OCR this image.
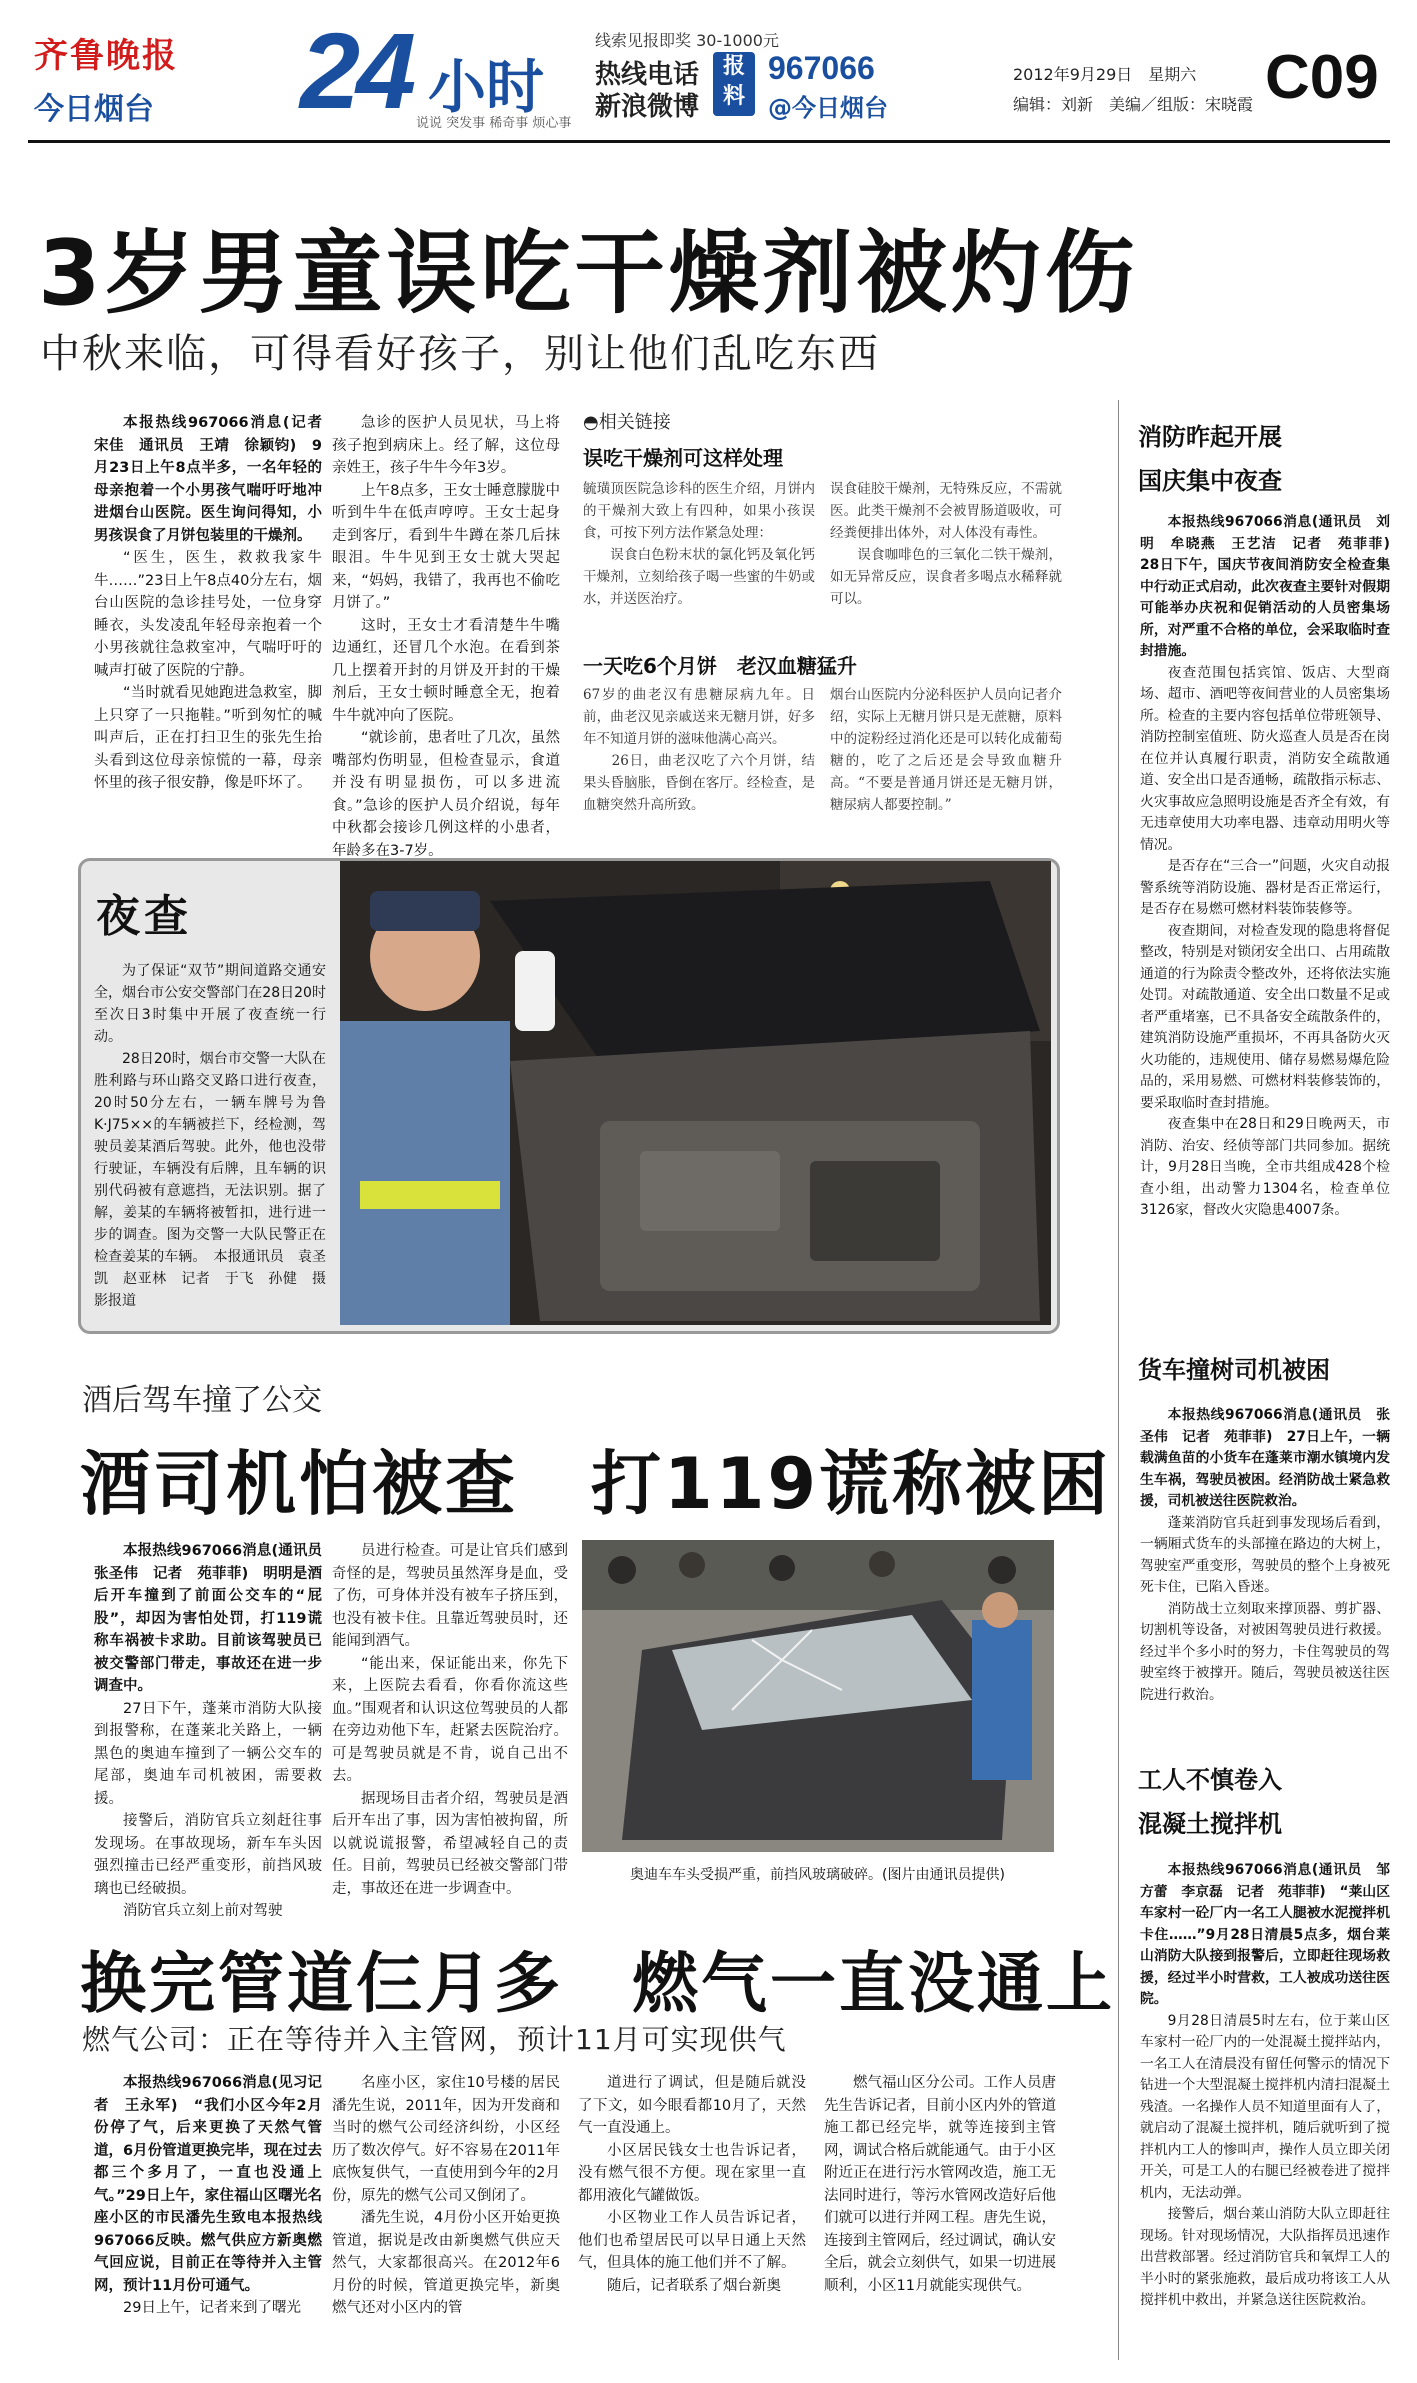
齐鲁晚报
今日烟台 24 小时
说说 突发事 稀奇事 烦心事
线索见报即奖 30-1000元
热线电话
新浪微博
报料
967066
@今日烟台
2012年9月29日　星期六
编辑：刘新　美编／组版：宋晓霞 C09
3岁男童误吃干燥剂被灼伤
中秋来临，可得看好孩子，别让他们乱吃东西

本报热线967066消息(记者　宋佳　通讯员　王靖　徐颖钧)　9月23日上午8点半多，一名年轻的母亲抱着一个小男孩气喘吁吁地冲进烟台山医院。医生询问得知，小男孩误食了月饼包装里的干燥剂。

“医生，医生，救救我家牛牛……”23日上午8点40分左右，烟台山医院的急诊挂号处，一位身穿睡衣，头发凌乱年轻母亲抱着一个小男孩就往急救室冲，气喘吁吁的喊声打破了医院的宁静。

“当时就看见她跑进急救室，脚上只穿了一只拖鞋。”听到匆忙的喊叫声后，正在打扫卫生的张先生抬头看到这位母亲惊慌的一幕，母亲怀里的孩子很安静，像是吓坏了。

急诊的医护人员见状，马上将孩子抱到病床上。经了解，这位母亲姓王，孩子牛牛今年3岁。

上午8点多，王女士睡意朦胧中听到牛牛在低声哼哼。王女士起身走到客厅，看到牛牛蹲在茶几后抹眼泪。牛牛见到王女士就大哭起来，“妈妈，我错了，我再也不偷吃月饼了。”

这时，王女士才看清楚牛牛嘴边通红，还冒几个水泡。在看到茶几上摆着开封的月饼及开封的干燥剂后，王女士顿时睡意全无，抱着牛牛就冲向了医院。

“就诊前，患者吐了几次，虽然嘴部灼伤明显，但检查显示，食道并没有明显损伤，可以多进流食。”急诊的医护人员介绍说，每年中秋都会接诊几例这样的小患者，年龄多在3-7岁。

◓相关链接
误吃干燥剂可这样处理
毓璜顶医院急诊科的医生介绍，月饼内的干燥剂大致上有四种，如果小孩误食，可按下列方法作紧急处理：
　　误食白色粉末状的氯化钙及氧化钙干燥剂，立刻给孩子喝一些蜜的牛奶或水，并送医治疗。
误食硅胶干燥剂，无特殊反应，不需就医。此类干燥剂不会被胃肠道吸收，可经粪便排出体外，对人体没有毒性。
　　误食咖啡色的三氧化二铁干燥剂，如无异常反应，误食者多喝点水稀释就可以。
一天吃6个月饼　老汉血糖猛升
67岁的曲老汉有患糖尿病九年。日前，曲老汉见亲戚送来无糖月饼，好多年不知道月饼的滋味他满心高兴。
　　26日，曲老汉吃了六个月饼，结果头昏脑胀，昏倒在客厅。经检查，是血糖突然升高所致。
烟台山医院内分泌科医护人员向记者介绍，实际上无糖月饼只是无蔗糖，原料中的淀粉经过消化还是可以转化成葡萄糖的，吃了之后还是会导致血糖升高。“不要是普通月饼还是无糖月饼，糖尿病人都要控制。”
消防昨起开展
国庆集中夜查

本报热线967066消息(通讯员　刘明　牟晓燕　王艺洁　记者　苑菲菲)　28日下午，国庆节夜间消防安全检查集中行动正式启动，此次夜查主要针对假期可能举办庆祝和促销活动的人员密集场所，对严重不合格的单位，会采取临时查封措施。

夜查范围包括宾馆、饭店、大型商场、超市、酒吧等夜间营业的人员密集场所。检查的主要内容包括单位带班领导、消防控制室值班、防火巡查人员是否在岗在位并认真履行职责，消防安全疏散通道、安全出口是否通畅，疏散指示标志、火灾事故应急照明设施是否齐全有效，有无违章使用大功率电器、违章动用明火等情况。

是否存在“三合一”问题，火灾自动报警系统等消防设施、器材是否正常运行，是否存在易燃可燃材料装饰装修等。

夜查期间，对检查发现的隐患将督促整改，特别是对锁闭安全出口、占用疏散通道的行为除责令整改外，还将依法实施处罚。对疏散通道、安全出口数量不足或者严重堵塞，已不具备安全疏散条件的，建筑消防设施严重损坏，不再具备防火灭火功能的，违规使用、储存易燃易爆危险品的，采用易燃、可燃材料装修装饰的，要采取临时查封措施。

夜查集中在28日和29日晚两天，市消防、治安、经侦等部门共同参加。据统计，9月28日当晚，全市共组成428个检查小组，出动警力1304名，检查单位3126家，督改火灾隐患4007条。

货车撞树司机被困

本报热线967066消息(通讯员　张圣伟　记者　苑菲菲)　27日上午，一辆载满鱼苗的小货车在蓬莱市潮水镇境内发生车祸，驾驶员被困。经消防战士紧急救援，司机被送往医院救治。

蓬莱消防官兵赶到事发现场后看到，一辆厢式货车的头部撞在路边的大树上，驾驶室严重变形，驾驶员的整个上身被死死卡住，已陷入昏迷。

消防战士立刻取来撑顶器、剪扩器、切割机等设备，对被困驾驶员进行救援。经过半个多小时的努力，卡住驾驶员的驾驶室终于被撑开。随后，驾驶员被送往医院进行救治。

工人不慎卷入
混凝土搅拌机

本报热线967066消息(通讯员　邹方蕾　李京磊　记者　苑菲菲)　“莱山区车家村一砼厂内一名工人腿被水泥搅拌机卡住……”9月28日清晨5点多，烟台莱山消防大队接到报警后，立即赶往现场救援，经过半小时营救，工人被成功送往医院。

9月28日清晨5时左右，位于莱山区车家村一砼厂内的一处混凝土搅拌站内，一名工人在清晨没有留任何警示的情况下钻进一个大型混凝土搅拌机内清扫混凝土残渣。一名操作人员不知道里面有人了，就启动了混凝土搅拌机，随后就听到了搅拌机内工人的惨叫声，操作人员立即关闭开关，可是工人的右腿已经被卷进了搅拌机内，无法动弹。

接警后，烟台莱山消防大队立即赶往现场。针对现场情况，大队指挥员迅速作出营救部署。经过消防官兵和氧焊工人的半小时的紧张施救，最后成功将该工人从搅拌机中救出，并紧急送往医院救治。

夜查

为了保证“双节”期间道路交通安全，烟台市公安交警部门在28日20时至次日3时集中开展了夜查统一行动。

28日20时，烟台市交警一大队在胜利路与环山路交叉路口进行夜查，20时50分左右，一辆车牌号为鲁K·J75××的车辆被拦下，经检测，驾驶员姜某酒后驾驶。此外，他也没带行驶证，车辆没有后牌，且车辆的识别代码被有意遮挡，无法识别。据了解，姜某的车辆将被暂扣，进行进一步的调查。图为交警一大队民警正在检查姜某的车辆。　本报通讯员　袁圣凯　赵亚林　记者　于飞　孙健　摄影报道

酒后驾车撞了公交
酒司机怕被查　打119谎称被困

本报热线967066消息(通讯员　张圣伟　记者　苑菲菲)　明明是酒后开车撞到了前面公交车的“屁股”，却因为害怕处罚，打119谎称车祸被卡求助。目前该驾驶员已被交警部门带走，事故还在进一步调查中。

27日下午，蓬莱市消防大队接到报警称，在蓬莱北关路上，一辆黑色的奥迪车撞到了一辆公交车的尾部，奥迪车司机被困，需要救援。

接警后，消防官兵立刻赶往事发现场。在事故现场，新车车头因强烈撞击已经严重变形，前挡风玻璃也已经破损。

消防官兵立刻上前对驾驶

员进行检查。可是让官兵们感到奇怪的是，驾驶员虽然浑身是血，受了伤，可身体并没有被车子挤压到，也没有被卡住。且靠近驾驶员时，还能闻到酒气。

“能出来，保证能出来，你先下来，上医院去看看，你看你流这些血。”围观者和认识这位驾驶员的人都在旁边劝他下车，赶紧去医院治疗。可是驾驶员就是不肯，说自己出不去。

据现场目击者介绍，驾驶员是酒后开车出了事，因为害怕被拘留，所以就说谎报警，希望减轻自己的责任。目前，驾驶员已经被交警部门带走，事故还在进一步调查中。

奥迪车车头受损严重，前挡风玻璃破碎。(图片由通讯员提供)
换完管道仨月多　燃气一直没通上
燃气公司：正在等待并入主管网，预计11月可实现供气

本报热线967066消息(见习记者　王永军)　“我们小区今年2月份停了气，后来更换了天然气管道，6月份管道更换完毕，现在过去都三个多月了，一直也没通上气。”29日上午，家住福山区曙光名座小区的市民潘先生致电本报热线967066反映。燃气供应方新奥燃气回应说，目前正在等待并入主管网，预计11月份可通气。

29日上午，记者来到了曙光

名座小区，家住10号楼的居民潘先生说，2011年，因为开发商和当时的燃气公司经济纠纷，小区经历了数次停气。好不容易在2011年底恢复供气，一直使用到今年的2月份，原先的燃气公司又倒闭了。

潘先生说，4月份小区开始更换管道，据说是改由新奥燃气供应天然气，大家都很高兴。在2012年6月份的时候，管道更换完毕，新奥燃气还对小区内的管

道进行了调试，但是随后就没了下文，如今眼看都10月了，天然气一直没通上。

小区居民钱女士也告诉记者，没有燃气很不方便。现在家里一直都用液化气罐做饭。

小区物业工作人员告诉记者，他们也希望居民可以早日通上天然气，但具体的施工他们并不了解。

随后，记者联系了烟台新奥

燃气福山区分公司。工作人员唐先生告诉记者，目前小区内外的管道施工都已经完毕，就等连接到主管网，调试合格后就能通气。由于小区附近正在进行污水管网改造，施工无法同时进行，等污水管网改造好后他们就可以进行并网工程。唐先生说，连接到主管网后，经过调试，确认安全后，就会立刻供气，如果一切进展顺利，小区11月就能实现供气。
